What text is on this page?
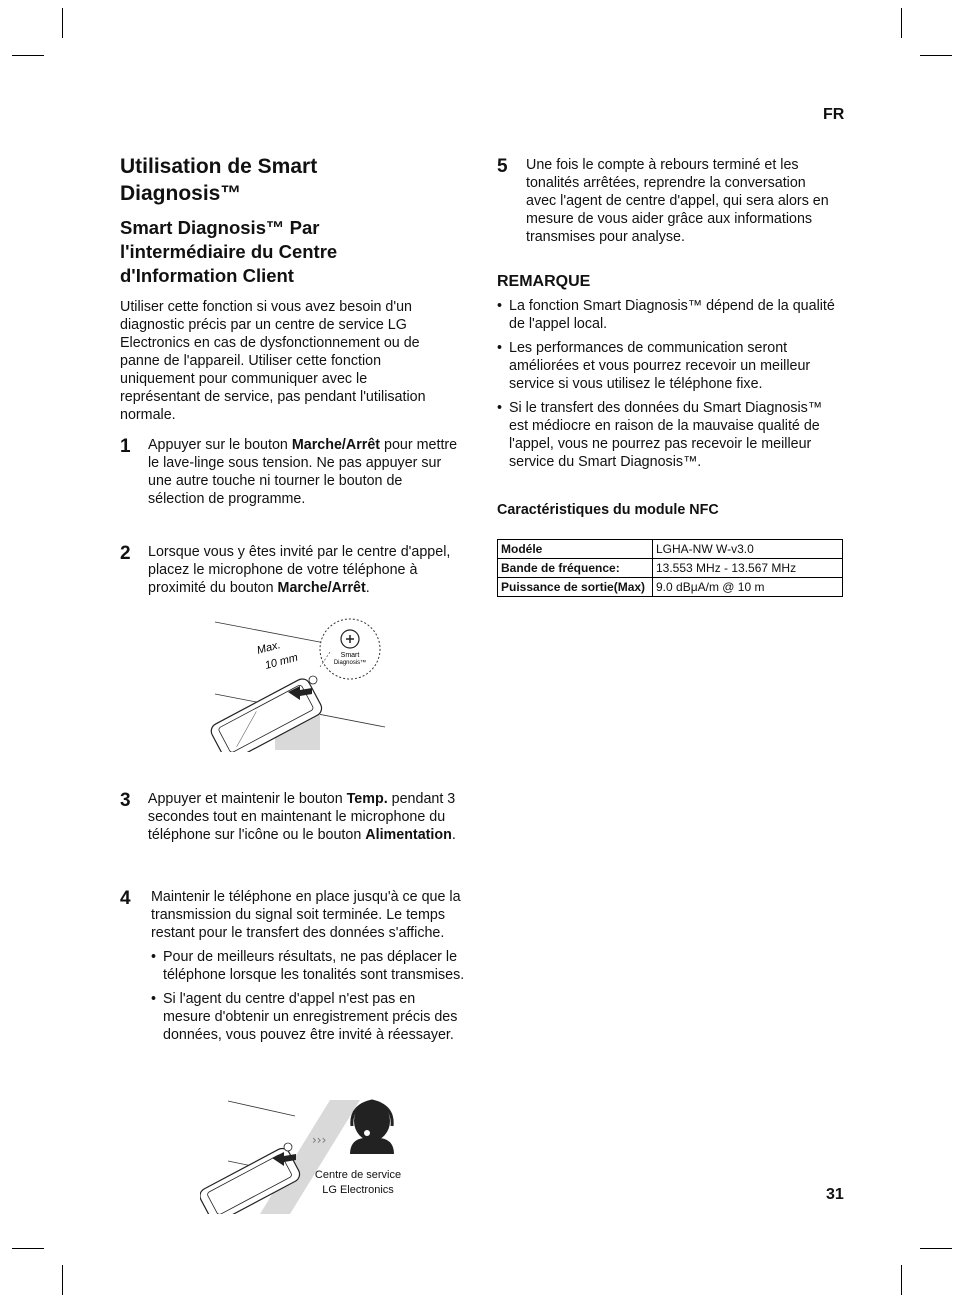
FR
31
Utilisation de Smart Diagnosis™
Smart Diagnosis™ Par l'intermédiaire du Centre d'Information Client
Utiliser cette fonction si vous avez besoin d'un diagnostic précis par un centre de service LG Electronics en cas de dysfonctionnement ou de panne de l'appareil. Utiliser cette fonction uniquement pour communiquer avec le représentant de service, pas pendant l'utilisation normale.
1	Appuyer sur le bouton Marche/Arrêt pour mettre le lave-linge sous tension. Ne pas appuyer sur une autre touche ni tourner le bouton de sélection de programme.
2	Lorsque vous y êtes invité par le centre d'appel, placez le microphone de votre téléphone à proximité du bouton Marche/Arrêt.
Smart
Diagnosis™
Max.
10 mm
3	Appuyer et maintenir le bouton Temp. pendant 3 secondes tout en maintenant le microphone du téléphone sur l'icône ou le bouton Alimentation.
4	Maintenir le téléphone en place jusqu'à ce que la transmission du signal soit terminée. Le temps restant pour le transfert des données s'affiche.
• Pour de meilleurs résultats, ne pas déplacer le téléphone lorsque les tonalités sont transmises.
• Si l'agent du centre d'appel n'est pas en mesure d'obtenir un enregistrement précis des données, vous pouvez être invité à réessayer.
›››
Centre de service
LG Electronics
5	Une fois le compte à rebours terminé et les tonalités arrêtées, reprendre la conversation avec l'agent de centre d'appel, qui sera alors en mesure de vous aider grâce aux informations transmises pour analyse.
REMARQUE
• La fonction Smart Diagnosis™ dépend de la qualité de l'appel local.
• Les performances de communication seront améliorées et vous pourrez recevoir un meilleur service si vous utilisez le téléphone fixe.
• Si le transfert des données du Smart Diagnosis™ est médiocre en raison de la mauvaise qualité de l'appel, vous ne pourrez pas recevoir le meilleur service du Smart Diagnosis™.
Caractéristiques du module NFC
Modéle	LGHA-NW W-v3.0
Bande de fréquence:	13.553 MHz - 13.567 MHz
Puissance de sortie(Max)	9.0 dBμA/m @ 10 m
